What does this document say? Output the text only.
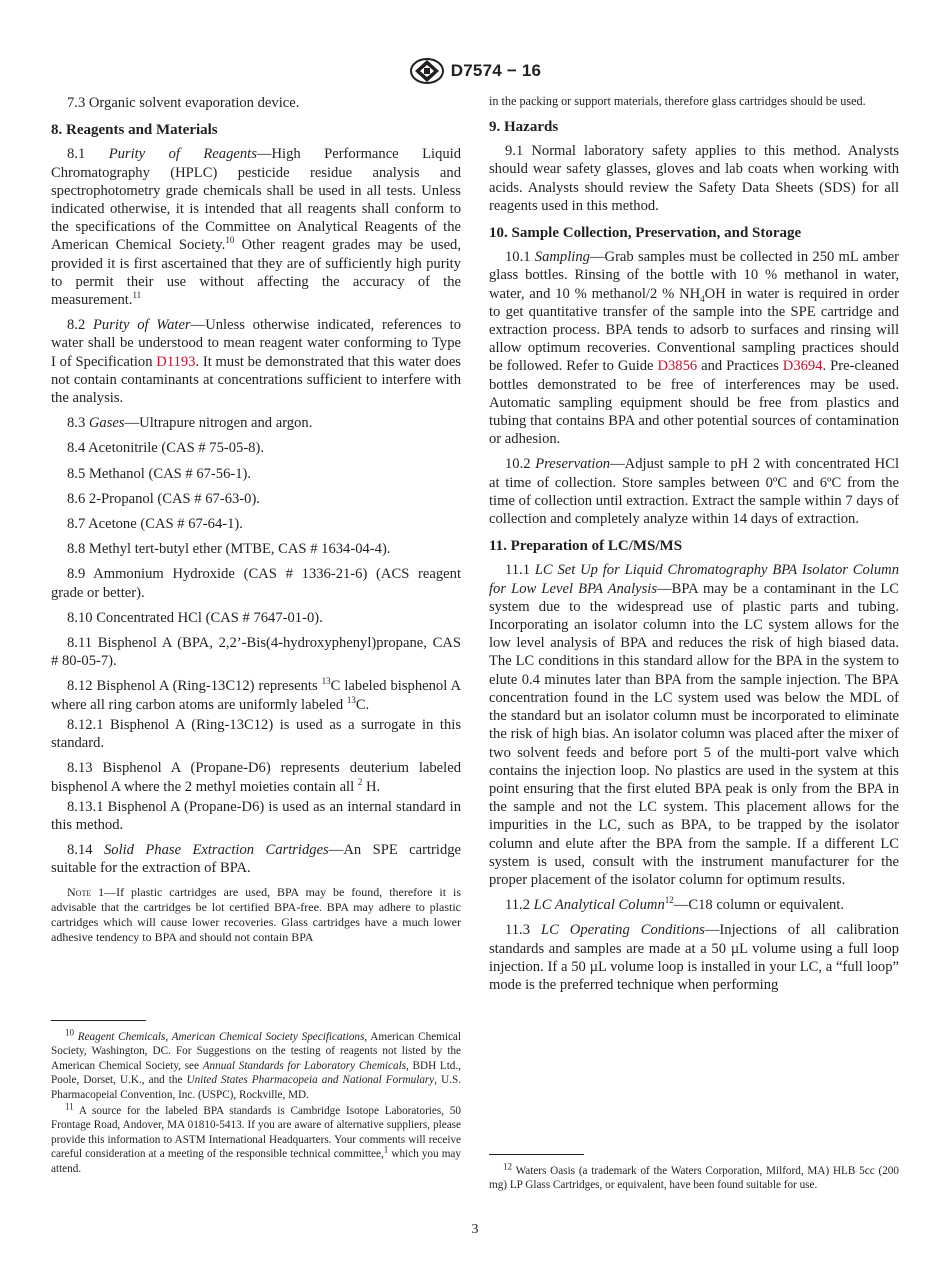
D7574 − 16

7.3 Organic solvent evaporation device.

8. Reagents and Materials

8.1 Purity of Reagents—High Performance Liquid Chromatography (HPLC) pesticide residue analysis and spectrophotometry grade chemicals shall be used in all tests. Unless indicated otherwise, it is intended that all reagents shall conform to the specifications of the Committee on Analytical Reagents of the American Chemical Society.$^{10}$ Other reagent grades may be used, provided it is first ascertained that they are of sufficiently high purity to permit their use without affecting the accuracy of the measurement.$^{11}$

8.2 Purity of Water—Unless otherwise indicated, references to water shall be understood to mean reagent water conforming to Type I of Specification D1193. It must be demonstrated that this water does not contain contaminants at concentrations sufficient to interfere with the analysis.

8.3 Gases—Ultrapure nitrogen and argon.

8.4 Acetonitrile (CAS # 75-05-8).

8.5 Methanol (CAS # 67-56-1).

8.6 2-Propanol (CAS # 67-63-0).

8.7 Acetone (CAS # 67-64-1).

8.8 Methyl tert-butyl ether (MTBE, CAS # 1634-04-4).

8.9 Ammonium Hydroxide (CAS # 1336-21-6) (ACS reagent grade or better).

8.10 Concentrated HCl (CAS # 7647-01-0).

8.11 Bisphenol A (BPA, 2,2’-Bis(4-hydroxyphenyl)propane, CAS # 80-05-7).

8.12 Bisphenol A (Ring-13C12) represents $^{13}$C labeled bisphenol A where all ring carbon atoms are uniformly labeled $^{13}$C.

8.12.1 Bisphenol A (Ring-13C12) is used as a surrogate in this standard.

8.13 Bisphenol A (Propane-D6) represents deuterium labeled bisphenol A where the 2 methyl moieties contain all $^2$ H.

8.13.1 Bisphenol A (Propane-D6) is used as an internal standard in this method.

8.14 Solid Phase Extraction Cartridges—An SPE cartridge suitable for the extraction of BPA.

Note 1—If plastic cartridges are used, BPA may be found, therefore it is advisable that the cartridges be lot certified BPA-free. BPA may adhere to plastic cartridges which will cause lower recoveries. Glass cartridges have a much lower adhesive tendency to BPA and should not contain BPA

$^{10}$ Reagent Chemicals, American Chemical Society Specifications, American Chemical Society, Washington, DC. For Suggestions on the testing of reagents not listed by the American Chemical Society, see Annual Standards for Laboratory Chemicals, BDH Ltd., Poole, Dorset, U.K., and the United States Pharmacopeia and National Formulary, U.S. Pharmacopeial Convention, Inc. (USPC), Rockville, MD.

$^{11}$ A source for the labeled BPA standards is Cambridge Isotope Laboratories, 50 Frontage Road, Andover, MA 01810-5413. If you are aware of alternative suppliers, please provide this information to ASTM International Headquarters. Your comments will receive careful consideration at a meeting of the responsible technical committee,$^1$ which you may attend.

in the packing or support materials, therefore glass cartridges should be used.

9. Hazards

9.1 Normal laboratory safety applies to this method. Analysts should wear safety glasses, gloves and lab coats when working with acids. Analysts should review the Safety Data Sheets (SDS) for all reagents used in this method.

10. Sample Collection, Preservation, and Storage

10.1 Sampling—Grab samples must be collected in 250 mL amber glass bottles. Rinsing of the bottle with 10 % methanol in water, water, and 10 % methanol/2 % $NH_4OH$ in water is required in order to get quantitative transfer of the sample into the SPE cartridge and extraction process. BPA tends to adsorb to surfaces and rinsing will allow optimum recoveries. Conventional sampling practices should be followed. Refer to Guide D3856 and Practices D3694. Pre-cleaned bottles demonstrated to be free of interferences may be used. Automatic sampling equipment should be free from plastics and tubing that contains BPA and other potential sources of contamination or adhesion.

10.2 Preservation—Adjust sample to pH 2 with concentrated HCl at time of collection. Store samples between 0ºC and 6ºC from the time of collection until extraction. Extract the sample within 7 days of collection and completely analyze within 14 days of extraction.

11. Preparation of LC/MS/MS

11.1 LC Set Up for Liquid Chromatography BPA Isolator Column for Low Level BPA Analysis—BPA may be a contaminant in the LC system due to the widespread use of plastic parts and tubing. Incorporating an isolator column into the LC system allows for the low level analysis of BPA and reduces the risk of high biased data. The LC conditions in this standard allow for the BPA in the system to elute 0.4 minutes later than BPA from the sample injection. The BPA concentration found in the LC system used was below the MDL of the standard but an isolator column must be incorporated to eliminate the risk of high bias. An isolator column was placed after the mixer of two solvent feeds and before port 5 of the multi-port valve which contains the injection loop. No plastics are used in the system at this point ensuring that the first eluted BPA peak is only from the BPA in the sample and not the LC system. This placement allows for the impurities in the LC, such as BPA, to be trapped by the isolator column and elute after the BPA from the sample. If a different LC system is used, consult with the instrument manufacturer for the proper placement of the isolator column for optimum results.

11.2 LC Analytical Column$^{12}$—C18 column or equivalent.

11.3 LC Operating Conditions—Injections of all calibration standards and samples are made at a 50 µL volume using a full loop injection. If a 50 µL volume loop is installed in your LC, a “full loop” mode is the preferred technique when performing

$^{12}$ Waters Oasis (a trademark of the Waters Corporation, Milford, MA) HLB 5cc (200 mg) LP Glass Cartridges, or equivalent, have been found suitable for use.

3
